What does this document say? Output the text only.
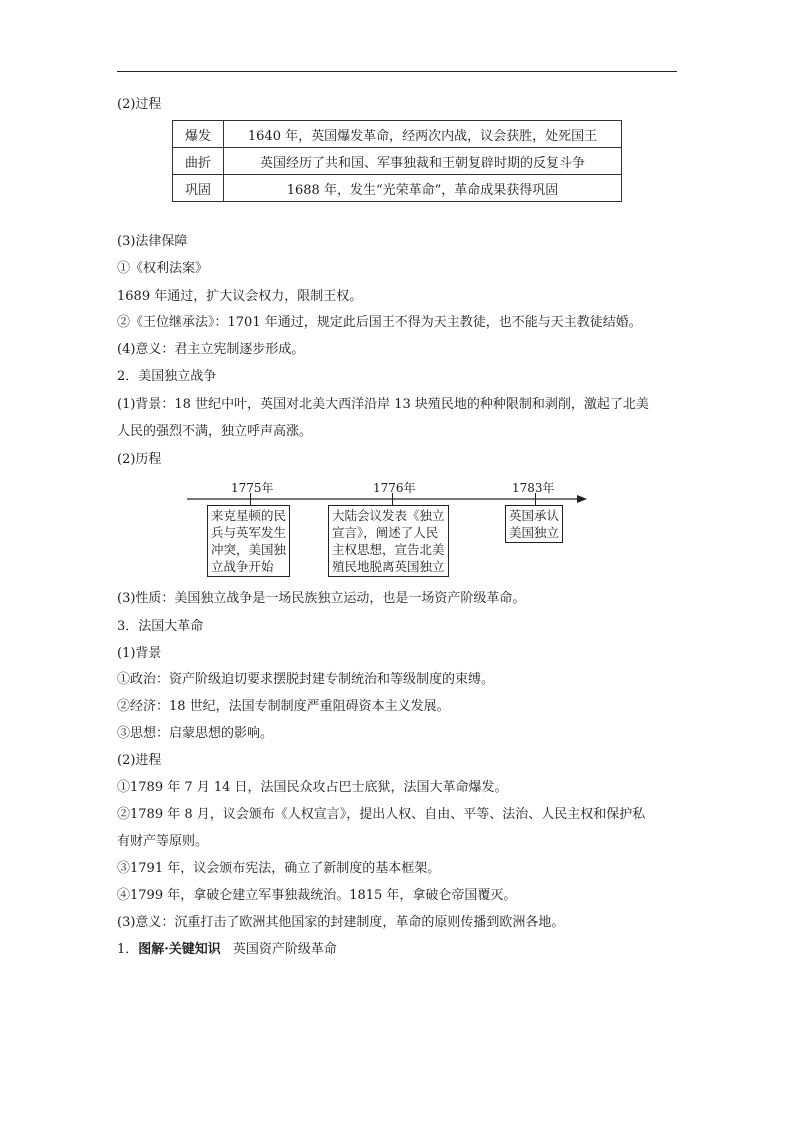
(2)过程
爆发	1640 年，英国爆发革命，经两次内战，议会获胜，处死国王
曲折	英国经历了共和国、军事独裁和王朝复辟时期的反复斗争
巩固	1688 年，发生“光荣革命”，革命成果获得巩固
(3)法律保障
①《权利法案》
1689 年通过，扩大议会权力，限制王权。
②《王位继承法》：1701 年通过，规定此后国王不得为天主教徒，也不能与天主教徒结婚。
(4)意义：君主立宪制逐步形成。
2．美国独立战争
(1)背景：18 世纪中叶，英国对北美大西洋沿岸 13 块殖民地的种种限制和剥削，激起了北美
人民的强烈不满，独立呼声高涨。
(2)历程
1775年
来克星顿的民
兵与英军发生
冲突，美国独
立战争开始
1776年
大陆会议发表《独立
宣言》，阐述了人民
主权思想，宣告北美
殖民地脱离英国独立
1783年
英国承认
美国独立
(3)性质：美国独立战争是一场民族独立运动，也是一场资产阶级革命。
3．法国大革命
(1)背景
①政治：资产阶级迫切要求摆脱封建专制统治和等级制度的束缚。
②经济：18 世纪，法国专制制度严重阻碍资本主义发展。
③思想：启蒙思想的影响。
(2)进程
①1789 年 7 月 14 日，法国民众攻占巴士底狱，法国大革命爆发。
②1789 年 8 月，议会颁布《人权宣言》，提出人权、自由、平等、法治、人民主权和保护私
有财产等原则。
③1791 年，议会颁布宪法，确立了新制度的基本框架。
④1799 年，拿破仑建立军事独裁统治。1815 年，拿破仑帝国覆灭。
(3)意义：沉重打击了欧洲其他国家的封建制度，革命的原则传播到欧洲各地。
1．图解·关键知识 英国资产阶级革命
